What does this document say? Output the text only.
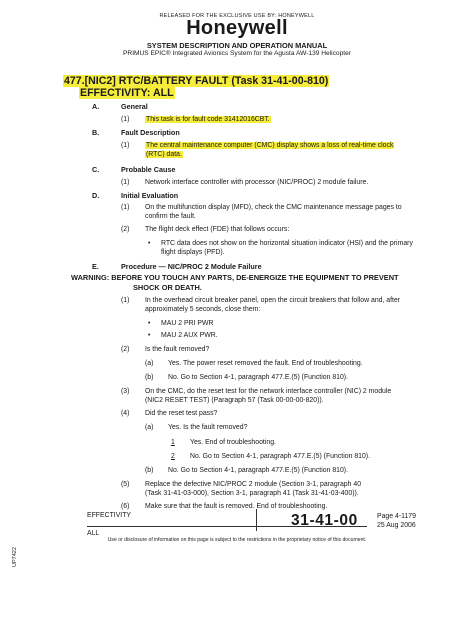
RELEASED FOR THE EXCLUSIVE USE BY: HONEYWELL
Honeywell
SYSTEM DESCRIPTION AND OPERATION MANUAL
PRIMUS EPIC® Integrated Avionics System for the Agusta AW-139 Helicopter
477.[NIC2] RTC/BATTERY FAULT (Task 31-41-00-810)
EFFECTIVITY: ALL
A.	General
(1) This task is for fault code 31412016CBT.
B.	Fault Description
(1) The central maintenance computer (CMC) display shows a loss of real-time clock
(RTC) data.
C.	Probable Cause
(1) Network interface controller with processor (NIC/PROC) 2 module failure.
D.	Initial Evaluation
(1) On the multifunction display (MFD), check the CMC maintenance message pages to
confirm the fault.
(2) The flight deck effect (FDE) that follows occurs:
• RTC data does not show on the horizontal situation indicator (HSI) and the primary
flight displays (PFD).
E.	Procedure — NIC/PROC 2 Module Failure
WARNING: BEFORE YOU TOUCH ANY PARTS, DE-ENERGIZE THE EQUIPMENT TO PREVENT
SHOCK OR DEATH.
(1) In the overhead circuit breaker panel, open the circuit breakers that follow and, after
approximately 5 seconds, close them:
• MAU 2 PRI PWR
• MAU 2 AUX PWR.
(2) Is the fault removed?
(a) Yes. The power reset removed the fault. End of troubleshooting.
(b) No. Go to Section 4-1, paragraph 477.E.(5) (Function 810).
(3) On the CMC, do the reset test for the network interface controller (NIC) 2 module
(NIC2 RESET TEST) (Paragraph 57 (Task 00-00-00-820)).
(4) Did the reset test pass?
(a) Yes. Is the fault removed?
1 Yes. End of troubleshooting.
2 No. Go to Section 4-1, paragraph 477.E.(5) (Function 810).
(b) No. Go to Section 4-1, paragraph 477.E.(5) (Function 810).
(5) Replace the defective NIC/PROC 2 module (Section 3-1, paragraph 40
(Task 31-41-03-000), Section 3-1, paragraph 41 (Task 31-41-03-400)).
(6) Make sure that the fault is removed. End of troubleshooting.
EFFECTIVITY
ALL
31-41-00	Page 4-1179
25 Aug 2006
Use or disclosure of information on this page is subject to the restrictions in the proprietary notice of this document.
UP7422
